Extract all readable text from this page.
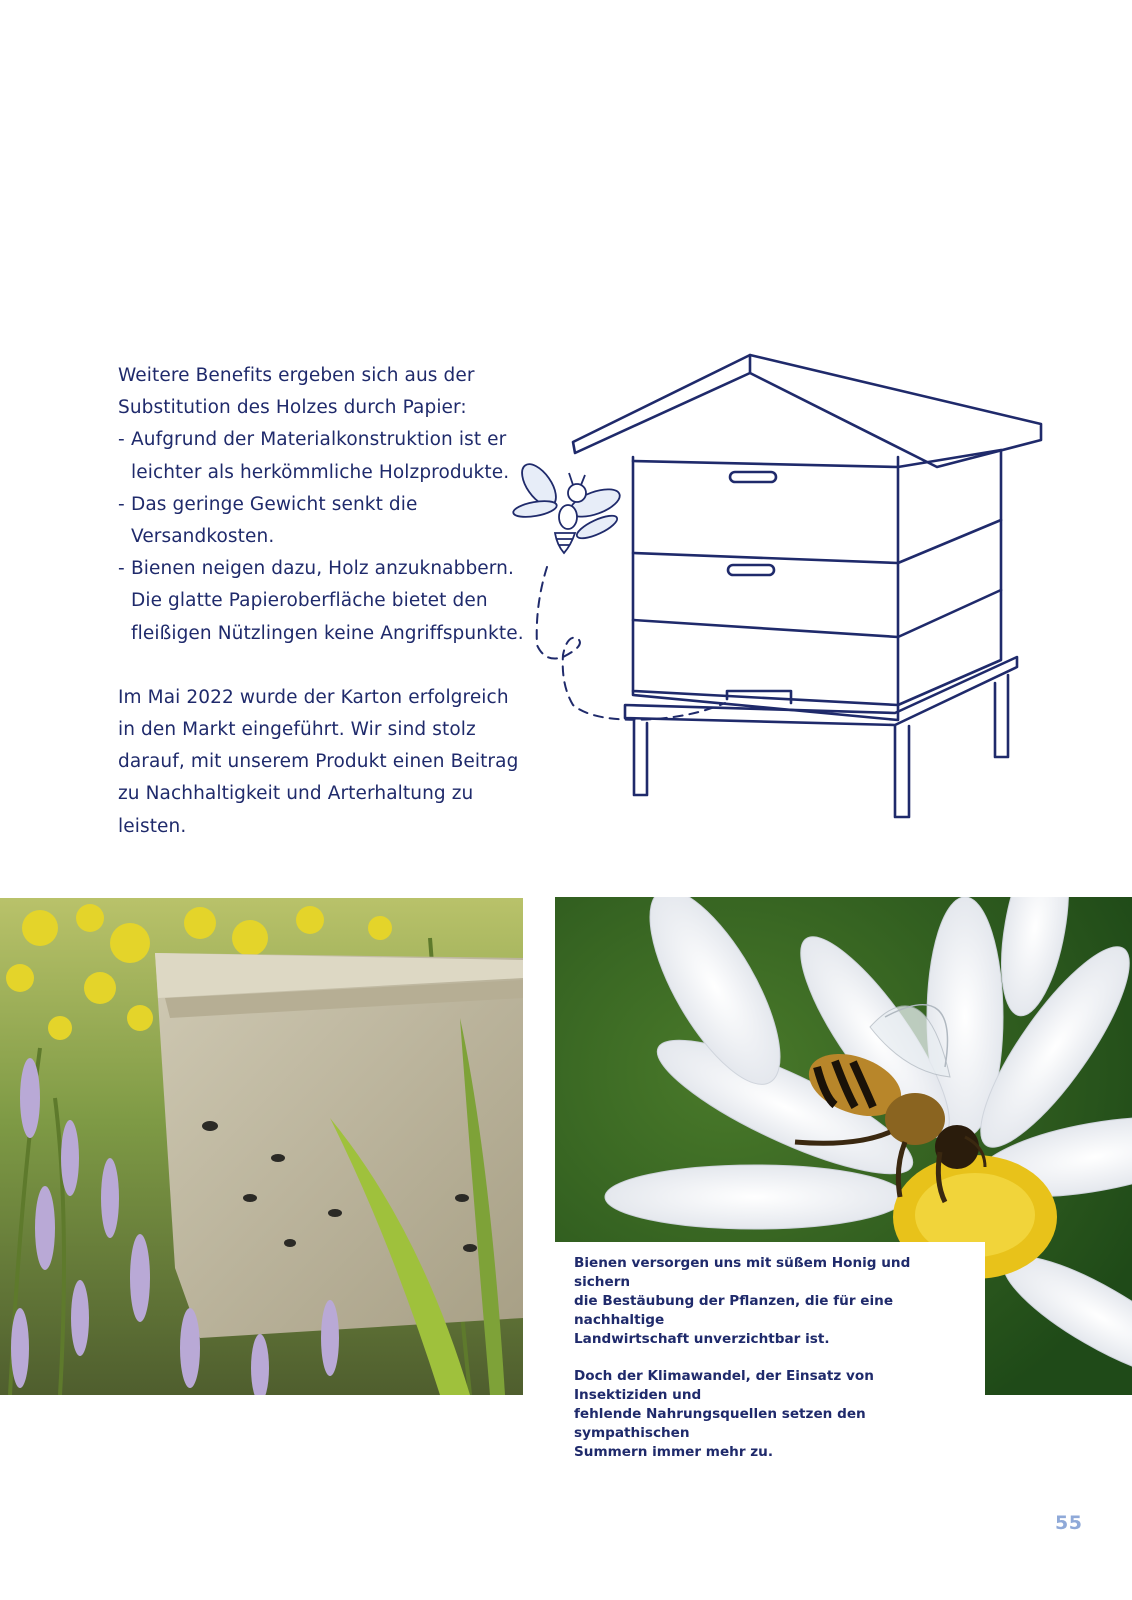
Weitere Benefits ergeben sich aus der
Substitution des Holzes durch Papier:

- Aufgrund der Materialkonstruktion ist er
leichter als herkömmliche Holzprodukte.
- Das geringe Gewicht senkt die
Versandkosten.
- Bienen neigen dazu, Holz anzuknabbern.
Die glatte Papieroberfläche bietet den
fleißigen Nützlingen keine Angriffspunkte.

Im Mai 2022 wurde der Karton erfolgreich
in den Markt eingeführt. Wir sind stolz
darauf, mit unserem Produkt einen Beitrag
zu Nachhaltigkeit und Arterhaltung zu leisten.

Bienen versorgen uns mit süßem Honig und sichern
die Bestäubung der Pflanzen, die für eine nachhaltige
Landwirtschaft unverzichtbar ist.

Doch der Klimawandel, der Einsatz von Insektiziden und
fehlende Nahrungsquellen setzen den sympathischen
Summern immer mehr zu.

55
